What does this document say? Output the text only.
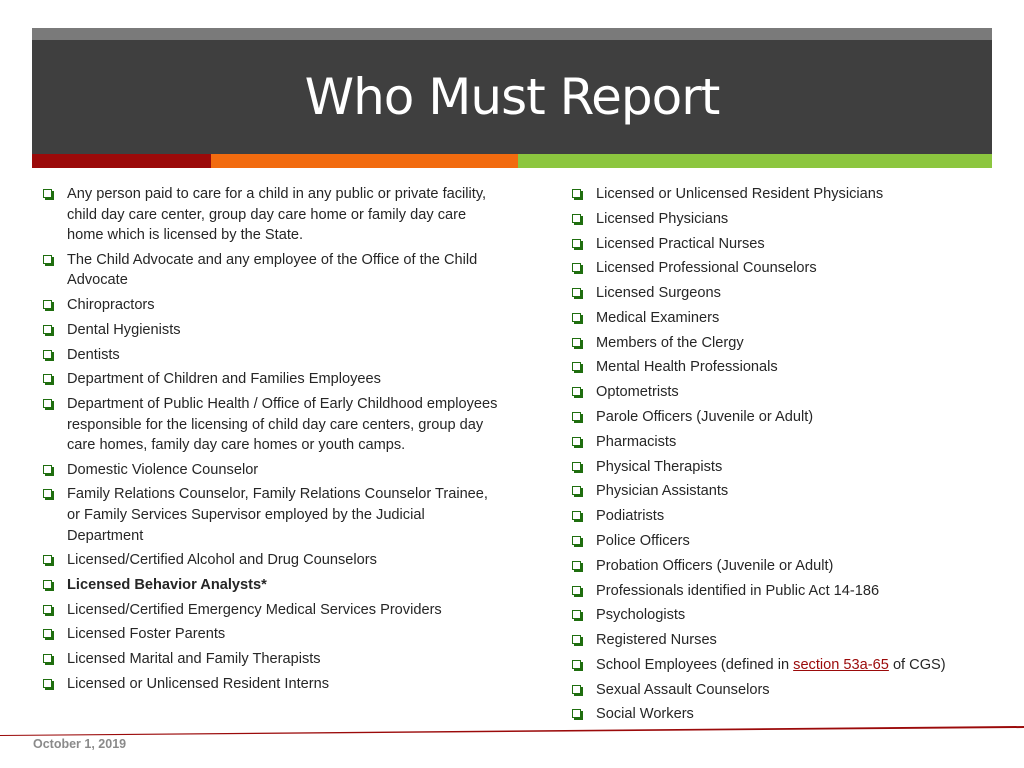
Who Must Report
Any person paid to care for a child in any public or private facility, child day care center, group day care home or family day care home which is licensed by the State.
The Child Advocate and any employee of the Office of the Child Advocate
Chiropractors
Dental Hygienists
Dentists
Department of Children and Families Employees
Department of Public Health / Office of Early Childhood employees responsible for the licensing of child day care centers, group day care homes, family day care homes or youth camps.
Domestic Violence Counselor
Family Relations Counselor, Family Relations Counselor Trainee, or Family Services Supervisor employed by the Judicial Department
Licensed/Certified Alcohol and Drug Counselors
Licensed Behavior Analysts*
Licensed/Certified Emergency Medical Services Providers
Licensed Foster Parents
Licensed Marital and Family Therapists
Licensed or Unlicensed Resident Interns
Licensed or Unlicensed Resident Physicians
Licensed Physicians
Licensed Practical Nurses
Licensed Professional Counselors
Licensed Surgeons
Medical Examiners
Members of the Clergy
Mental Health Professionals
Optometrists
Parole Officers (Juvenile or Adult)
Pharmacists
Physical Therapists
Physician Assistants
Podiatrists
Police Officers
Probation Officers (Juvenile or Adult)
Professionals identified in Public Act 14-186
Psychologists
Registered Nurses
School Employees (defined in section 53a-65 of CGS)
Sexual Assault Counselors
Social Workers
October 1, 2019
